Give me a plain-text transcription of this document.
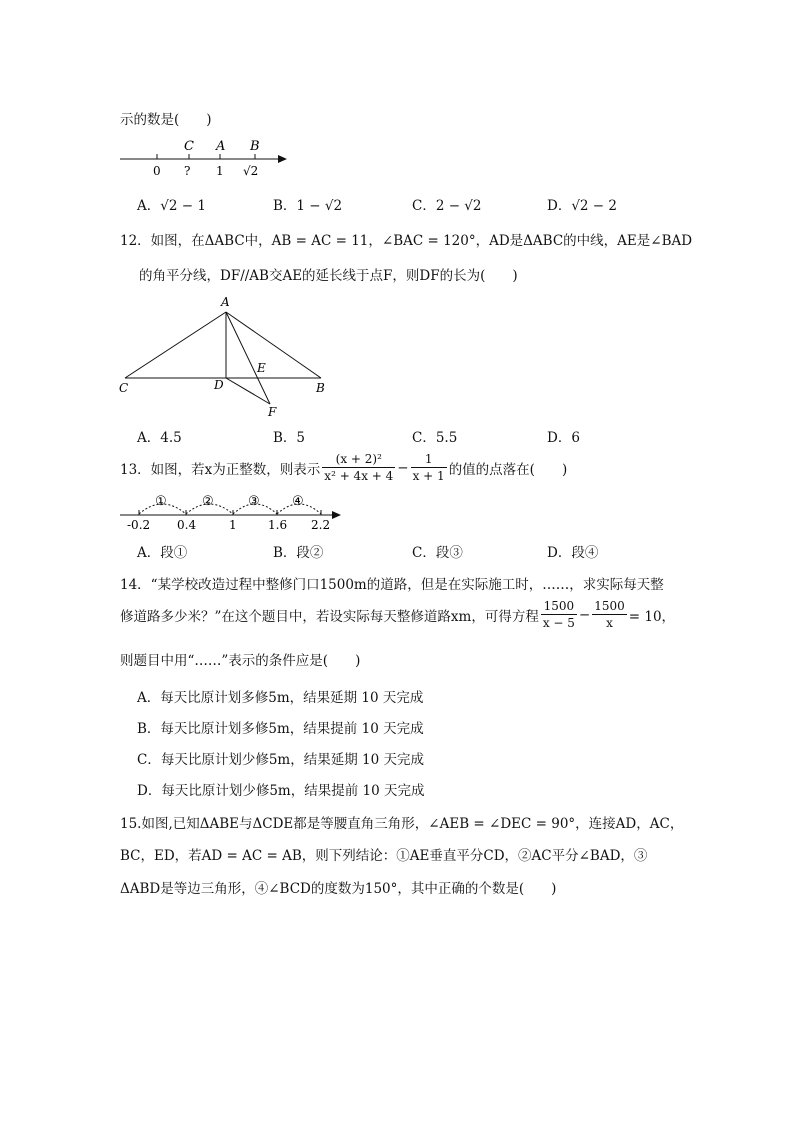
示的数是(　　)
C A B
0 ? 1 √2
A．√2 − 1	B．1 − √2	C．2 − √2	D．√2 − 2
12．如图，在ΔABC中，AB = AC = 11，∠BAC = 120°，AD是ΔABC的中线，AE是∠BAD
的角平分线，DF//AB交AE的延长线于点F，则DF的长为(　　)
A
C	B
D
E
F
A．4.5	B．5	C．5.5	D．6
13．如图，若x为正整数，则表示 $\frac{\text{(x + 2)²}}{\text{x² + 4x + 4}} - \frac{1}{x + 1}$ 的值的点落在(　　)
①	②	③ ④
-0.2 0.4	1	1.6 2.2
A．段①	B．段②	C．段③	D．段④
14．“某学校改造过程中整修门口1500m的道路，但是在实际施工时，……，求实际每天整
修道路多少米？”在这个题目中，若设实际每天整修道路xm，可得方程 $\frac{1500}{x - 5} - \frac{1500}{x} = 10$，
则题目中用“……”表示的条件应是(　　)
A．每天比原计划多修5m，结果延期 10 天完成
B．每天比原计划多修5m，结果提前 10 天完成
C．每天比原计划少修5m，结果延期 10 天完成
D．每天比原计划少修5m，结果提前 10 天完成
15.如图,已知ΔABE与ΔCDE都是等腰直角三角形，∠AEB = ∠DEC = 90°，连接AD，AC，
BC，ED，若AD = AC = AB，则下列结论：①AE垂直平分CD，②AC平分∠BAD，③
ΔABD是等边三角形，④∠BCD的度数为150°，其中正确的个数是(　　)
